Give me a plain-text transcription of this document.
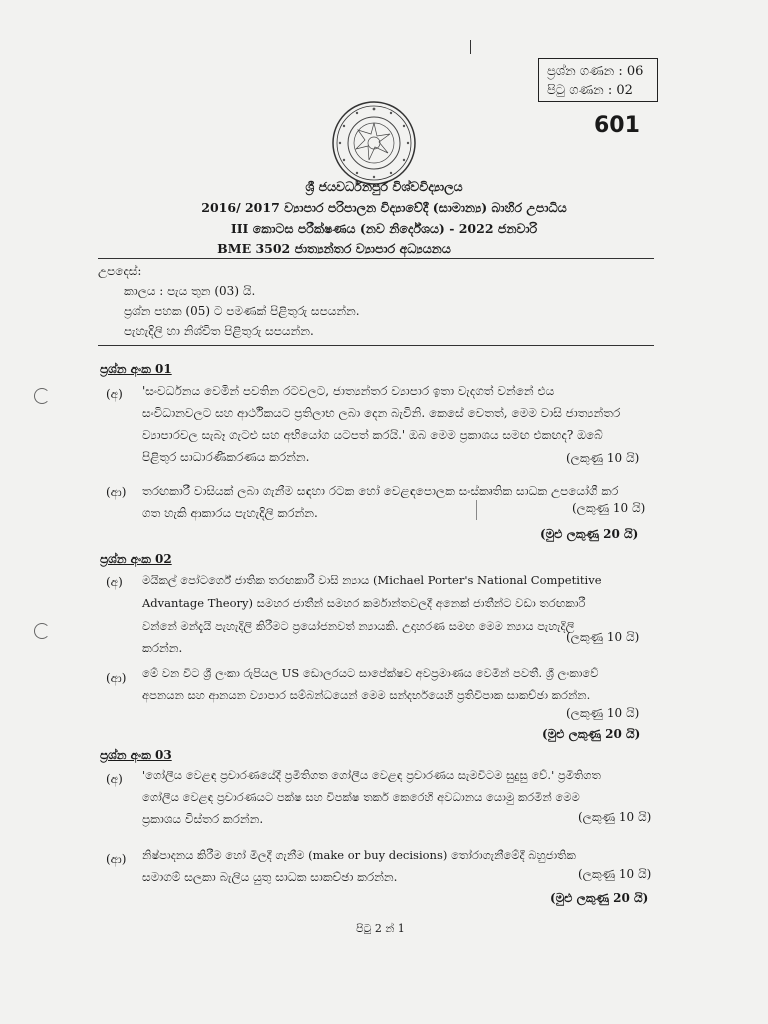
ප්‍රශ්න ගණන : 06
පිටු ගණන : 02
601
ශ්‍රී ජයවර්ධනපුර විශ්වවිද්‍යාලය
2016/ 2017 ව්‍යාපාර පරිපාලන විද්‍යාවේදී (සාමාන්‍ය) බාහිර උපාධිය
III කොටස පරීක්ෂණය (නව නිර්දේශය) - 2022 ජනවාරි
BME 3502 ජාත්‍යන්තර ව්‍යාපාර අධ්‍යයනය
උපදෙස්:
කාලය : පැය තුන (03) යි.
ප්‍රශ්න පහක (05) ට පමණක් පිළිතුරු සපයන්න.
පැහැදිලි හා නිශ්චිත පිළිතුරු සපයන්න.
ප්‍රශ්න අංක 01
(අ) 'සංවර්ධනය වෙමින් පවතින රටවලට, ජාත්‍යන්තර ව්‍යාපාර ඉතා වැදගත් වන්නේ එය
සංවිධානවලට සහ ආර්ථිකයට ප්‍රතිලාභ ලබා දෙන බැවිනි. කෙසේ වෙතත්, මෙම වාසි ජාත්‍යන්තර
ව්‍යාපාරවල සැබෑ ගැටළු සහ අභියෝග යටපත් කරයි.' ඔබ මෙම ප්‍රකාශය සමඟ එකඟද? ඔබේ
පිළිතුර සාධාරණීකරණය කරන්න.	(ලකුණු 10 යි)
(ආ) තරඟකාරී වාසියක් ලබා ගැනීම සඳහා රටක හෝ වෙළඳපොලක සංස්කෘතික සාධක උපයෝගී කර
ගත හැකි ආකාරය පැහැදිලි කරන්න.	(ලකුණු 10 යි)
(මුළු ලකුණු 20 යි)
ප්‍රශ්න අංක 02
(අ) මයිකල් පෝටර්ගේ ජාතික තරඟකාරී වාසි න්‍යාය (Michael Porter's National Competitive
Advantage Theory) සමහර ජාතීන් සමහර කර්මාන්තවලදී අනෙක් ජාතීන්ට වඩා තරඟකාරී
වන්නේ මන්දැයි පැහැදිලි කිරීමට ප්‍රයෝජනවත් න්‍යායකි. උදාහරණ සමඟ මෙම න්‍යාය පැහැදිලි
කරන්න.
(ලකුණු 10 යි)
(ආ) මේ වන විට ශ්‍රී ලංකා රුපියල US ඩොලරයට සාපේක්ෂව අවප්‍රමාණය වෙමින් පවතී. ශ්‍රී ලංකාවේ
අපනයන සහ ආනයන ව්‍යාපාර සම්බන්ධයෙන් මෙම සන්දර්භයෙහි ප්‍රතිවිපාක සාකච්ඡා කරන්න.
(ලකුණු 10 යි)
(මුළු ලකුණු 20 යි)
ප්‍රශ්න අංක 03
(අ) 'ගෝලීය වෙළඳ ප්‍රචාරණයේදී ප්‍රමිතිගත ගෝලීය වෙළඳ ප්‍රචාරණය සැමවිටම සුදුසු වේ.' ප්‍රමිතිගත
ගෝලීය වෙළඳ ප්‍රචාරණයට පක්ෂ සහ විපක්ෂ තර්ක කෙරෙහි අවධානය යොමු කරමින් මෙම
ප්‍රකාශය විස්තර කරන්න.	(ලකුණු 10 යි)
(ආ) නිෂ්පාදනය කිරීම හෝ මිලදී ගැනීම (make or buy decisions) තෝරාගැනීමේදී බහුජාතික
සමාගම් සලකා බැලිය යුතු සාධක සාකච්ඡා කරන්න.	(ලකුණු 10 යි)
(මුළු ලකුණු 20 යි)
පිටු 2 න් 1
